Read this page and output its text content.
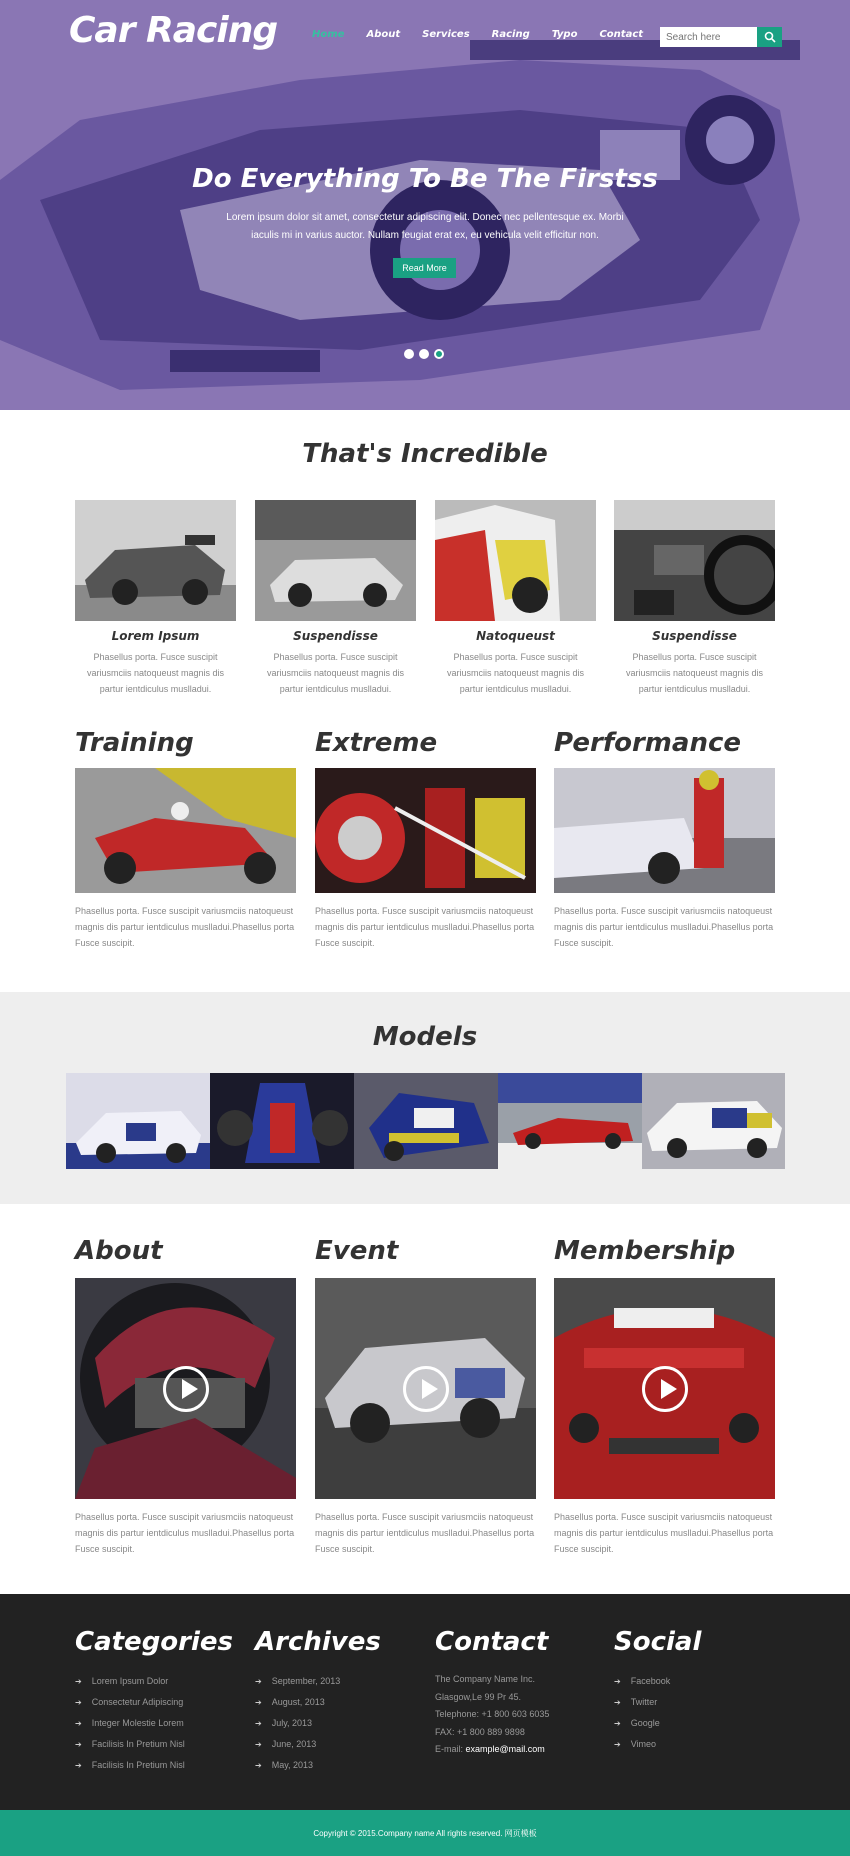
Car Racing	Home About Services Racing Typo Contact
Search here
Do Everything To Be The Firstss
Lorem ipsum dolor sit amet, consectetur adipiscing elit. Donec nec pellentesque ex. Morbi iaculis mi in varius auctor. Nullam feugiat erat ex, eu vehicula velit efficitur non.
Read More
That's Incredible
Lorem Ipsum

Phasellus porta. Fusce suscipit variusmciis natoqueust magnis dis partur ientdiculus muslladui.

Suspendisse

Phasellus porta. Fusce suscipit variusmciis natoqueust magnis dis partur ientdiculus muslladui.

Natoqueust

Phasellus porta. Fusce suscipit variusmciis natoqueust magnis dis partur ientdiculus muslladui.

Suspendisse

Phasellus porta. Fusce suscipit variusmciis natoqueust magnis dis partur ientdiculus muslladui.

Training

Phasellus porta. Fusce suscipit variusmciis natoqueust magnis dis partur ientdiculus muslladui.Phasellus porta Fusce suscipit.

Extreme

Phasellus porta. Fusce suscipit variusmciis natoqueust magnis dis partur ientdiculus muslladui.Phasellus porta Fusce suscipit.

Performance

Phasellus porta. Fusce suscipit variusmciis natoqueust magnis dis partur ientdiculus muslladui.Phasellus porta Fusce suscipit.

Models
About

Phasellus porta. Fusce suscipit variusmciis natoqueust magnis dis partur ientdiculus muslladui.Phasellus porta Fusce suscipit.

Event

Phasellus porta. Fusce suscipit variusmciis natoqueust magnis dis partur ientdiculus muslladui.Phasellus porta Fusce suscipit.

Membership

Phasellus porta. Fusce suscipit variusmciis natoqueust magnis dis partur ientdiculus muslladui.Phasellus porta Fusce suscipit.

Categories
➔ Lorem Ipsum Dolor
➔ Consectetur Adipiscing
➔ Integer Molestie Lorem
➔ Facilisis In Pretium Nisl
➔ Facilisis In Pretium Nisl
Archives
➔ September, 2013
➔ August, 2013
➔ July, 2013
➔ June, 2013
➔ May, 2013
Contact
The Company Name Inc.
Glasgow,Le 99 Pr 45.
Telephone: +1 800 603 6035
FAX: +1 800 889 9898
E-mail: example@mail.com
Social
➔ Facebook
➔ Twitter
➔ Google
➔ Vimeo
Copyright © 2015.Company name All rights reserved. 网页模板
